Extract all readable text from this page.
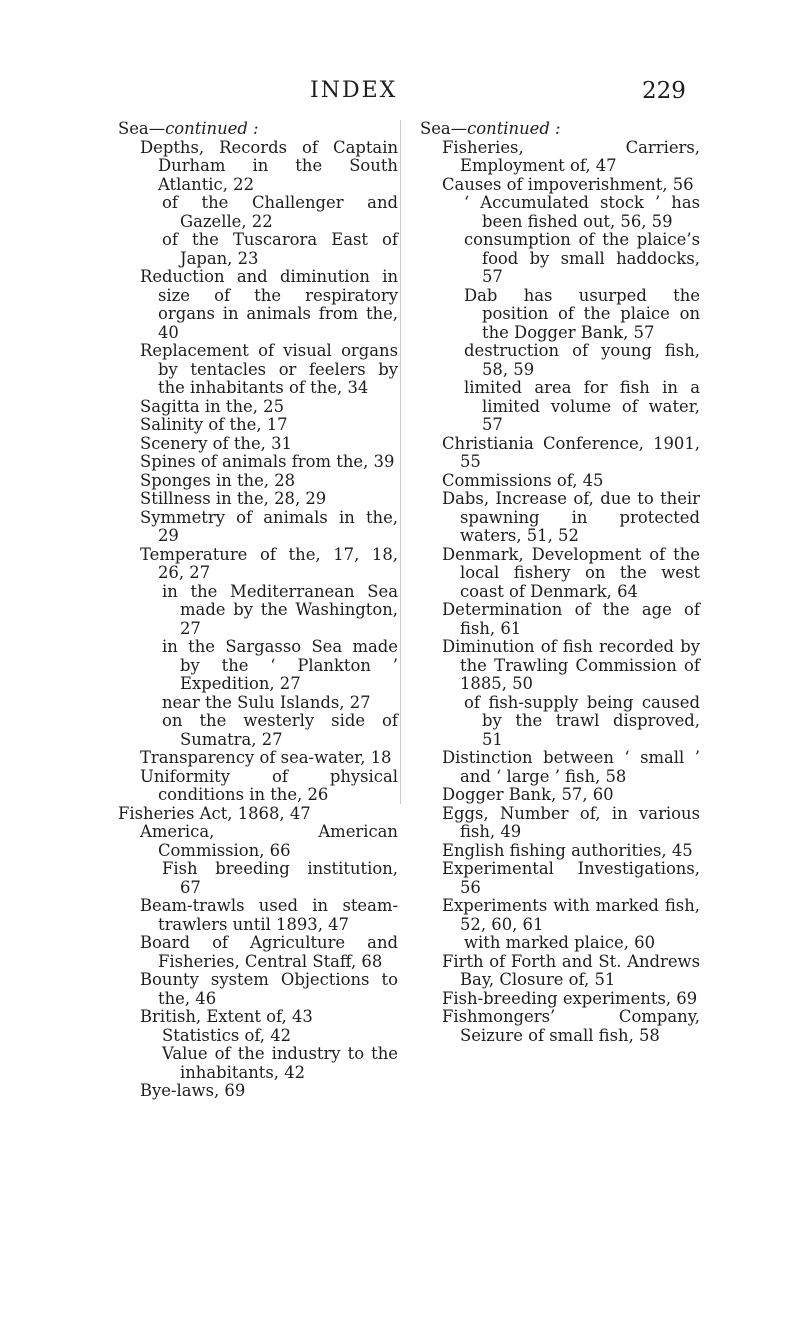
INDEX	229

Sea—continued :

Depths, Records of Captain Durham in the South Atlantic, 22

of the Challenger and Gazelle, 22

of the Tuscarora East of Japan, 23

Reduction and diminution in size of the respiratory organs in animals from the, 40

Replacement of visual organs by tentacles or feelers by the inhabitants of the, 34

Sagitta in the, 25

Salinity of the, 17

Scenery of the, 31

Spines of animals from the, 39

Sponges in the, 28

Stillness in the, 28, 29

Symmetry of animals in the, 29

Temperature of the, 17, 18, 26, 27

in the Mediterranean Sea made by the Washington, 27

in the Sargasso Sea made by the ‘ Plankton ’ Expedition, 27

near the Sulu Islands, 27

on the westerly side of Sumatra, 27

Transparency of sea-water, 18

Uniformity of physical conditions in the, 26

Fisheries Act, 1868, 47

America, American Commission, 66

Fish breeding institution, 67

Beam-trawls used in steam-trawlers until 1893, 47

Board of Agriculture and Fisheries, Central Staff, 68

Bounty system Objections to the, 46

British, Extent of, 43

Statistics of, 42

Value of the industry to the inhabitants, 42

Bye-laws, 69

Sea—continued :

Fisheries, Carriers, Employment of, 47

Causes of impoverishment, 56

‘ Accumulated stock ’ has been fished out, 56, 59

consumption of the plaice’s food by small haddocks, 57

Dab has usurped the position of the plaice on the Dogger Bank, 57

destruction of young fish, 58, 59

limited area for fish in a limited volume of water, 57

Christiania Conference, 1901, 55

Commissions of, 45

Dabs, Increase of, due to their spawning in protected waters, 51, 52

Denmark, Development of the local fishery on the west coast of Denmark, 64

Determination of the age of fish, 61

Diminution of fish recorded by the Trawling Commission of 1885, 50

of fish-supply being caused by the trawl disproved, 51

Distinction between ‘ small ’ and ‘ large ’ fish, 58

Dogger Bank, 57, 60

Eggs, Number of, in various fish, 49

English fishing authorities, 45

Experimental Investigations, 56

Experiments with marked fish, 52, 60, 61

with marked plaice, 60

Firth of Forth and St. Andrews Bay, Closure of, 51

Fish-breeding experiments, 69

Fishmongers’ Company, Seizure of small fish, 58
